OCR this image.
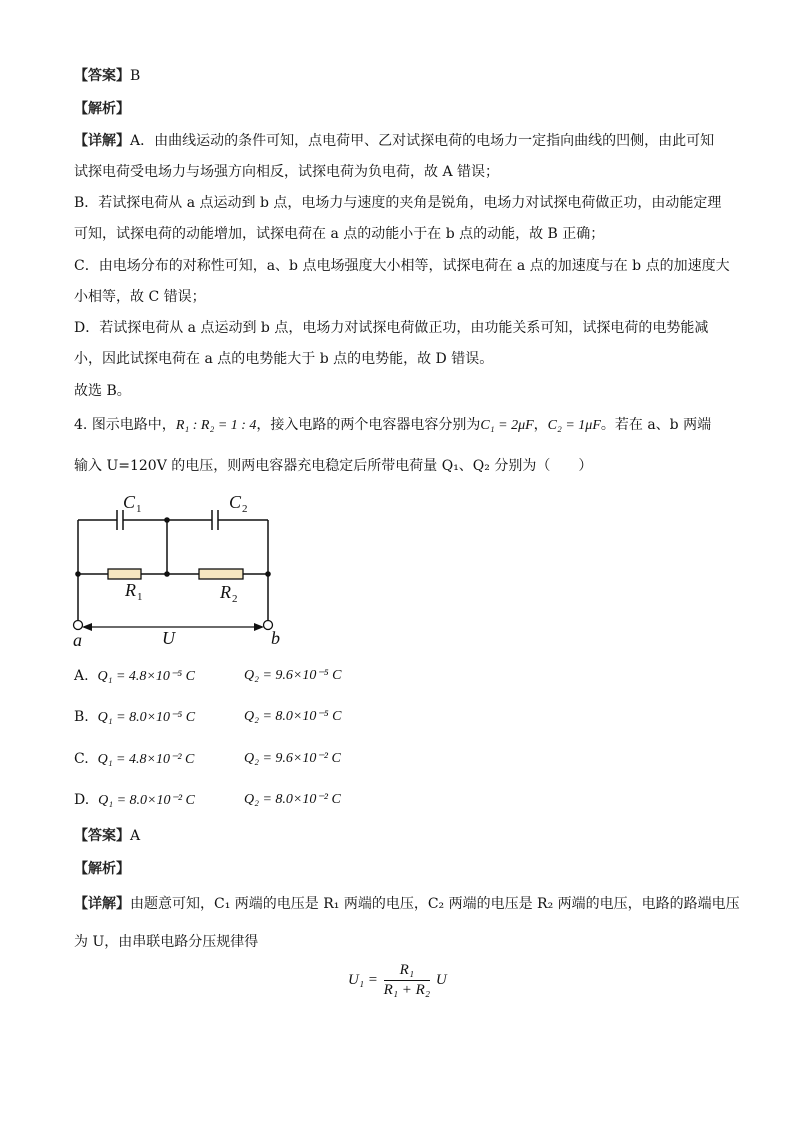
【答案】B
【解析】
【详解】A．由曲线运动的条件可知，点电荷甲、乙对试探电荷的电场力一定指向曲线的凹侧，由此可知
试探电荷受电场力与场强方向相反，试探电荷为负电荷，故 A 错误；
B．若试探电荷从 a 点运动到 b 点，电场力与速度的夹角是锐角，电场力对试探电荷做正功，由动能定理
可知，试探电荷的动能增加，试探电荷在 a 点的动能小于在 b 点的动能，故 B 正确；
C．由电场分布的对称性可知，a、b 点电场强度大小相等，试探电荷在 a 点的加速度与在 b 点的加速度大
小相等，故 C 错误；
D．若试探电荷从 a 点运动到 b 点，电场力对试探电荷做正功，由功能关系可知，试探电荷的电势能减
小，因此试探电荷在 a 点的电势能大于 b 点的电势能，故 D 错误。
故选 B。
4. 图示电路中，R₁ : R₂ = 1 : 4，接入电路的两个电容器电容分别为C₁ = 2μF，C₂ = 1μF。若在 a、b 两端
输入 U=120V 的电压，则两电容器充电稳定后所带电荷量 Q₁、Q₂ 分别为（　　）
C	C
R	R
a	b
U
1	2
1	2
A. Q₁ = 4.8×10⁻⁵ C	Q₂ = 9.6×10⁻⁵ C
B. Q₁ = 8.0×10⁻⁵ C	Q₂ = 8.0×10⁻⁵ C
C. Q₁ = 4.8×10⁻² C	Q₂ = 9.6×10⁻² C
D. Q₁ = 8.0×10⁻² C	Q₂ = 8.0×10⁻² C
【答案】A
【解析】
【详解】由题意可知，C₁ 两端的电压是 R₁ 两端的电压，C₂ 两端的电压是 R₂ 两端的电压，电路的路端电压
为 U，由串联电路分压规律得
$U_1 = \frac{\text{R₁}}{\text{R₁ + R₂}}$ U
